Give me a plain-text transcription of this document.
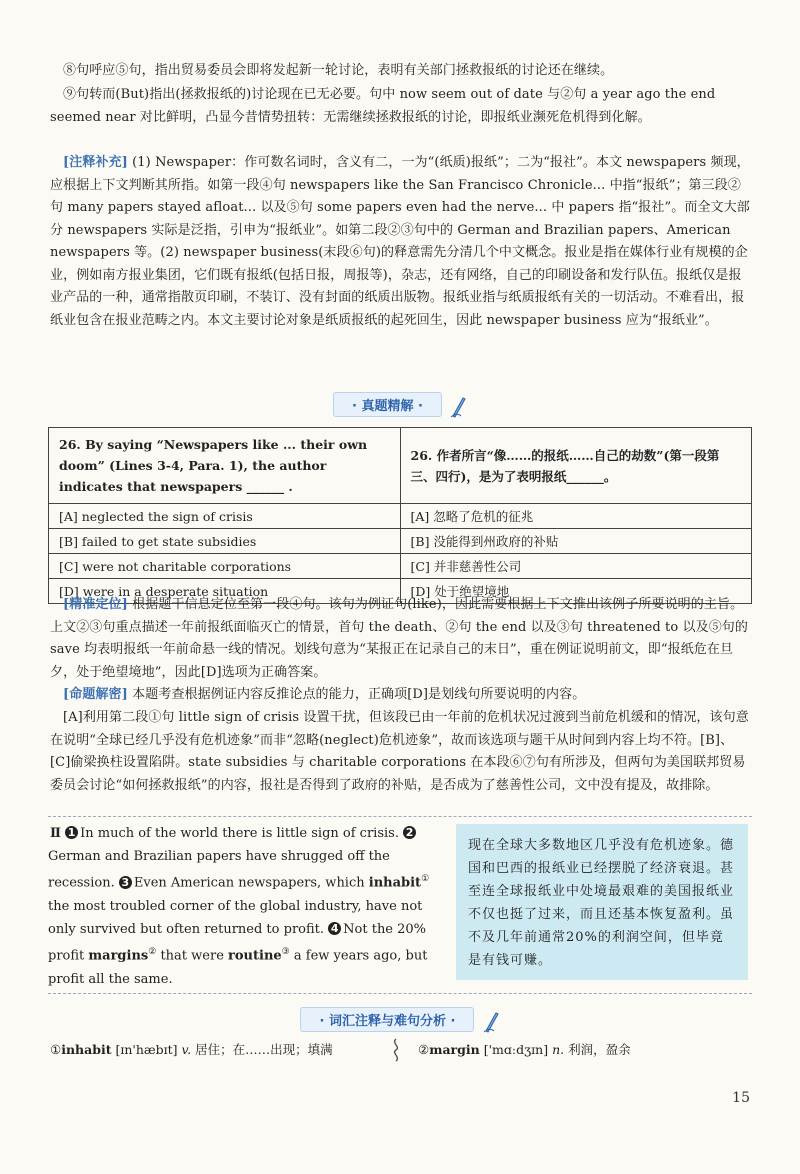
⑧句呼应⑤句，指出贸易委员会即将发起新一轮讨论，表明有关部门拯救报纸的讨论还在继续。

⑨句转而(But)指出(拯救报纸的)讨论现在已无必要。句中 now seem out of date 与②句 a year ago the end seemed near 对比鲜明，凸显今昔情势扭转：无需继续拯救报纸的讨论，即报纸业濒死危机得到化解。

[注释补充] (1) Newspaper：作可数名词时，含义有二，一为“(纸质)报纸”；二为“报社”。本文 newspapers 频现，应根据上下文判断其所指。如第一段④句 newspapers like the San Francisco Chronicle... 中指“报纸”；第三段②句 many papers stayed afloat... 以及⑤句 some papers even had the nerve... 中 papers 指“报社”。而全文大部分 newspapers 实际是泛指，引申为“报纸业”。如第二段②③句中的 German and Brazilian papers、American newspapers 等。(2) newspaper business(末段⑥句)的释意需先分清几个中文概念。报业是指在媒体行业有规模的企业，例如南方报业集团，它们既有报纸(包括日报，周报等)，杂志，还有网络，自己的印刷设备和发行队伍。报纸仅是报业产品的一种，通常指散页印刷，不装订、没有封面的纸质出版物。报纸业指与纸质报纸有关的一切活动。不难看出，报纸业包含在报业范畴之内。本文主要讨论对象是纸质报纸的起死回生，因此 newspaper business 应为“报纸业”。

· 真题精解 ·
26. By saying “Newspapers like ... their own doom” (Lines 3-4, Para. 1), the author indicates that newspapers ______ .	26. 作者所言“像……的报纸……自己的劫数”(第一段第三、四行)，是为了表明报纸______。
[A] neglected the sign of crisis	[A] 忽略了危机的征兆
[B] failed to get state subsidies	[B] 没能得到州政府的补贴
[C] were not charitable corporations	[C] 并非慈善性公司
[D] were in a desperate situation	[D] 处于绝望境地

[精准定位] 根据题干信息定位至第一段④句。该句为例证句(like)，因此需要根据上下文推出该例子所要说明的主旨。上文②③句重点描述一年前报纸面临灭亡的情景，首句 the death、②句 the end 以及③句 threatened to 以及⑤句的 save 均表明报纸一年前命悬一线的情况。划线句意为“某报正在记录自己的末日”，重在例证说明前文，即“报纸危在旦夕，处于绝望境地”，因此[D]选项为正确答案。

[命题解密] 本题考查根据例证内容反推论点的能力，正确项[D]是划线句所要说明的内容。

[A]利用第二段①句 little sign of crisis 设置干扰，但该段已由一年前的危机状况过渡到当前危机缓和的情况，该句意在说明“全球已经几乎没有危机迹象”而非“忽略(neglect)危机迹象”，故而该选项与题干从时间到内容上均不符。[B]、[C]偷梁换柱设置陷阱。state subsidies 与 charitable corporations 在本段⑥⑦句有所涉及，但两句为美国联邦贸易委员会讨论“如何拯救报纸”的内容，报社是否得到了政府的补贴，是否成为了慈善性公司，文中没有提及，故排除。

Ⅱ 1 In much of the world there is little sign of crisis. 2German and Brazilian papers have shrugged off the recession. 3 Even American newspapers, which inhabit① the most troubled corner of the global industry, have not only survived but often returned to profit. 4 Not the 20% profit margins② that were routine③ a few years ago, but profit all the same.
现在全球大多数地区几乎没有危机迹象。德国和巴西的报纸业已经摆脱了经济衰退。甚至连全球报纸业中处境最艰难的美国报纸业不仅也挺了过来，而且还基本恢复盈利。虽不及几年前通常20%的利润空间，但毕竟是有钱可赚。
· 词汇注释与难句分析 ·
①inhabit [ɪn'hæbɪt] v. 居住；在……出现；填满	②margin ['mɑːdʒɪn] n. 利润，盈余
15
